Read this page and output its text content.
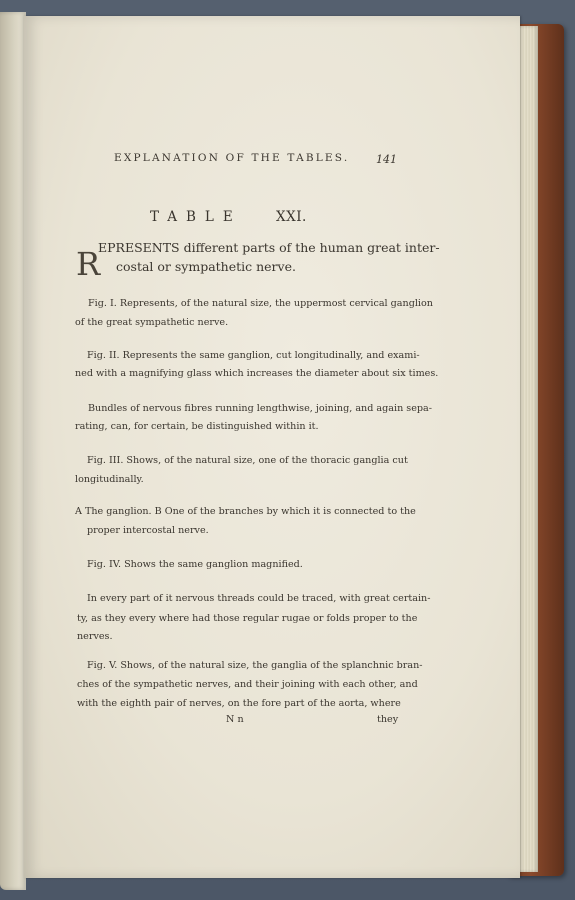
EXPLANATION OF THE TABLES.	141
TABLE	XXI.
R
EPRESENTS different parts of the human great inter-
costal or sympathetic nerve.
Fig. I. Represents, of the natural size, the uppermost cervical ganglion
of the great sympathetic nerve.
Fig. II. Represents the same ganglion, cut longitudinally, and exami-
ned with a magnifying glass which increases the diameter about six times.
Bundles of nervous fibres running lengthwise, joining, and again sepa-
rating, can, for certain, be distinguished within it.
Fig. III. Shows, of the natural size, one of the thoracic ganglia cut
longitudinally.
A The ganglion. B One of the branches by which it is connected to the
proper intercostal nerve.
Fig. IV. Shows the same ganglion magnified.
In every part of it nervous threads could be traced, with great certain-
ty, as they every where had those regular rugae or folds proper to the
nerves.
Fig. V. Shows, of the natural size, the ganglia of the splanchnic bran-
ches of the sympathetic nerves, and their joining with each other, and
with the eighth pair of nerves, on the fore part of the aorta, where
N n	they
